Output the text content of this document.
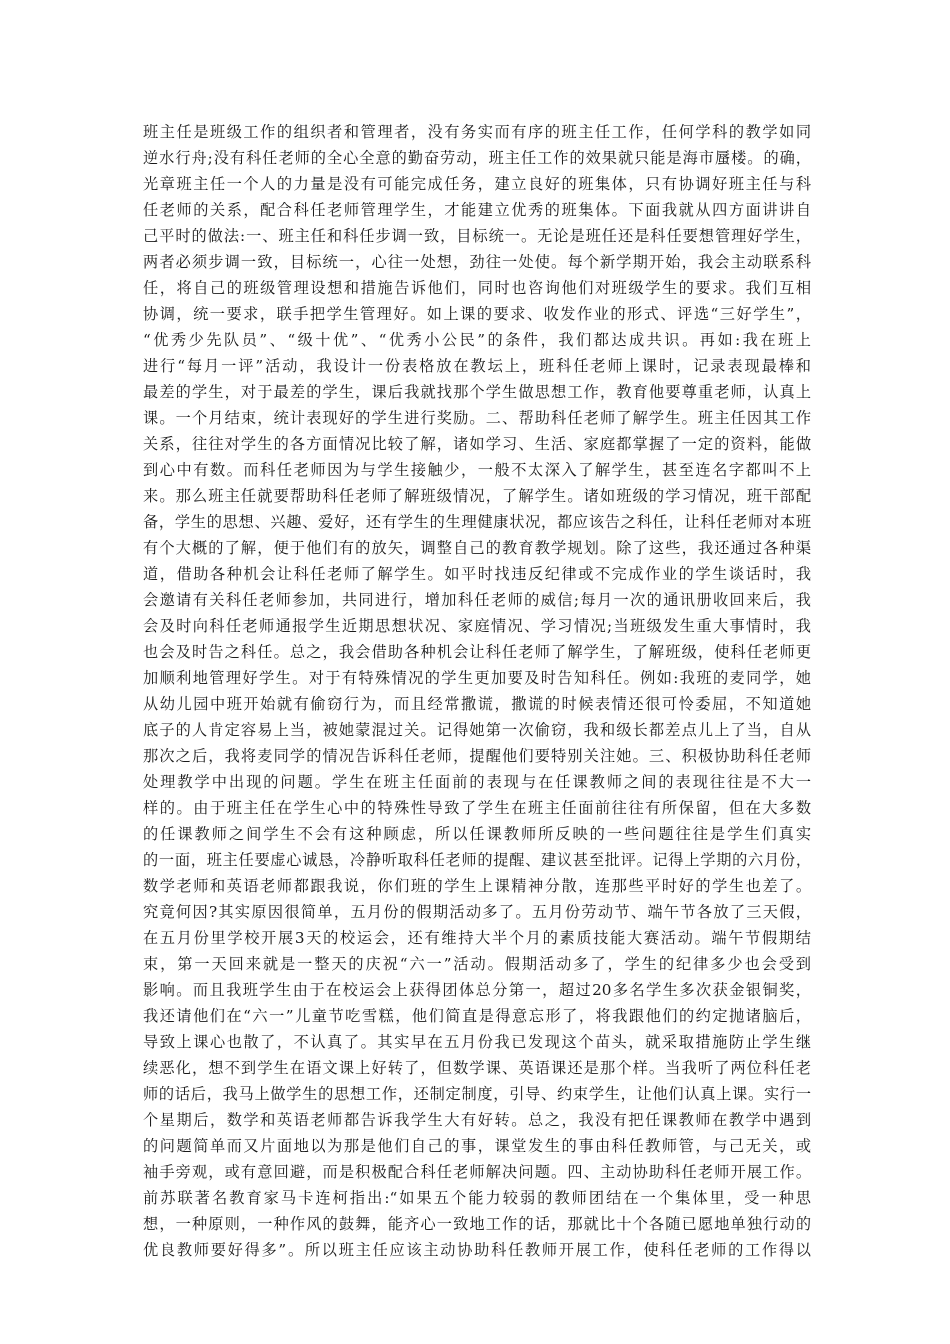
班主任是班级工作的组织者和管理者，没有务实而有序的班主任工作，任何学科的教学如同
逆水行舟;没有科任老师的全心全意的勤奋劳动，班主任工作的效果就只能是海市蜃楼。的确，
光章班主任一个人的力量是没有可能完成任务，建立良好的班集体，只有协调好班主任与科
任老师的关系，配合科任老师管理学生，才能建立优秀的班集体。下面我就从四方面讲讲自
己平时的做法:一、班主任和科任步调一致，目标统一。无论是班任还是科任要想管理好学生，
两者必须步调一致，目标统一，心往一处想，劲往一处使。每个新学期开始，我会主动联系科
任，将自己的班级管理设想和措施告诉他们，同时也咨询他们对班级学生的要求。我们互相
协调，统一要求，联手把学生管理好。如上课的要求、收发作业的形式、评选“三好学生”，
“优秀少先队员”、“级十优”、“优秀小公民”的条件，我们都达成共识。再如:我在班上
进行“每月一评”活动，我设计一份表格放在教坛上，班科任老师上课时，记录表现最棒和
最差的学生，对于最差的学生，课后我就找那个学生做思想工作，教育他要尊重老师，认真上
课。一个月结束，统计表现好的学生进行奖励。二、帮助科任老师了解学生。班主任因其工作
关系，往往对学生的各方面情况比较了解，诸如学习、生活、家庭都掌握了一定的资料，能做
到心中有数。而科任老师因为与学生接触少，一般不太深入了解学生，甚至连名字都叫不上
来。那么班主任就要帮助科任老师了解班级情况，了解学生。诸如班级的学习情况，班干部配
备，学生的思想、兴趣、爱好，还有学生的生理健康状况，都应该告之科任，让科任老师对本班
有个大概的了解，便于他们有的放矢，调整自己的教育教学规划。除了这些，我还通过各种渠
道，借助各种机会让科任老师了解学生。如平时找违反纪律或不完成作业的学生谈话时，我
会邀请有关科任老师参加，共同进行，增加科任老师的威信;每月一次的通讯册收回来后，我
会及时向科任老师通报学生近期思想状况、家庭情况、学习情况;当班级发生重大事情时，我
也会及时告之科任。总之，我会借助各种机会让科任老师了解学生，了解班级，使科任老师更
加顺利地管理好学生。对于有特殊情况的学生更加要及时告知科任。例如:我班的麦同学，她
从幼儿园中班开始就有偷窃行为，而且经常撒谎，撒谎的时候表情还很可怜委屈，不知道她
底子的人肯定容易上当，被她蒙混过关。记得她第一次偷窃，我和级长都差点儿上了当，自从
那次之后，我将麦同学的情况告诉科任老师，提醒他们要特别关注她。三、积极协助科任老师
处理教学中出现的问题。学生在班主任面前的表现与在任课教师之间的表现往往是不大一
样的。由于班主任在学生心中的特殊性导致了学生在班主任面前往往有所保留，但在大多数
的任课教师之间学生不会有这种顾虑，所以任课教师所反映的一些问题往往是学生们真实
的一面，班主任要虚心诚恳，冷静听取科任老师的提醒、建议甚至批评。记得上学期的六月份，
数学老师和英语老师都跟我说，你们班的学生上课精神分散，连那些平时好的学生也差了。
究竟何因?其实原因很简单，五月份的假期活动多了。五月份劳动节、端午节各放了三天假，
在五月份里学校开展3天的校运会，还有维持大半个月的素质技能大赛活动。端午节假期结
束，第一天回来就是一整天的庆祝“六一”活动。假期活动多了，学生的纪律多少也会受到
影响。而且我班学生由于在校运会上获得团体总分第一，超过20多名学生多次获金银铜奖，
我还请他们在“六一”儿童节吃雪糕，他们简直是得意忘形了，将我跟他们的约定抛诸脑后，
导致上课心也散了，不认真了。其实早在五月份我已发现这个苗头，就采取措施防止学生继
续恶化，想不到学生在语文课上好转了，但数学课、英语课还是那个样。当我听了两位科任老
师的话后，我马上做学生的思想工作，还制定制度，引导、约束学生，让他们认真上课。实行一
个星期后，数学和英语老师都告诉我学生大有好转。总之，我没有把任课教师在教学中遇到
的问题简单而又片面地以为那是他们自己的事，课堂发生的事由科任教师管，与己无关，或
袖手旁观，或有意回避，而是积极配合科任老师解决问题。四、主动协助科任老师开展工作。
前苏联著名教育家马卡连柯指出:“如果五个能力较弱的教师团结在一个集体里，受一种思
想，一种原则，一种作风的鼓舞，能齐心一致地工作的话，那就比十个各随已愿地单独行动的
优良教师要好得多”。所以班主任应该主动协助科任教师开展工作，使科任老师的工作得以
